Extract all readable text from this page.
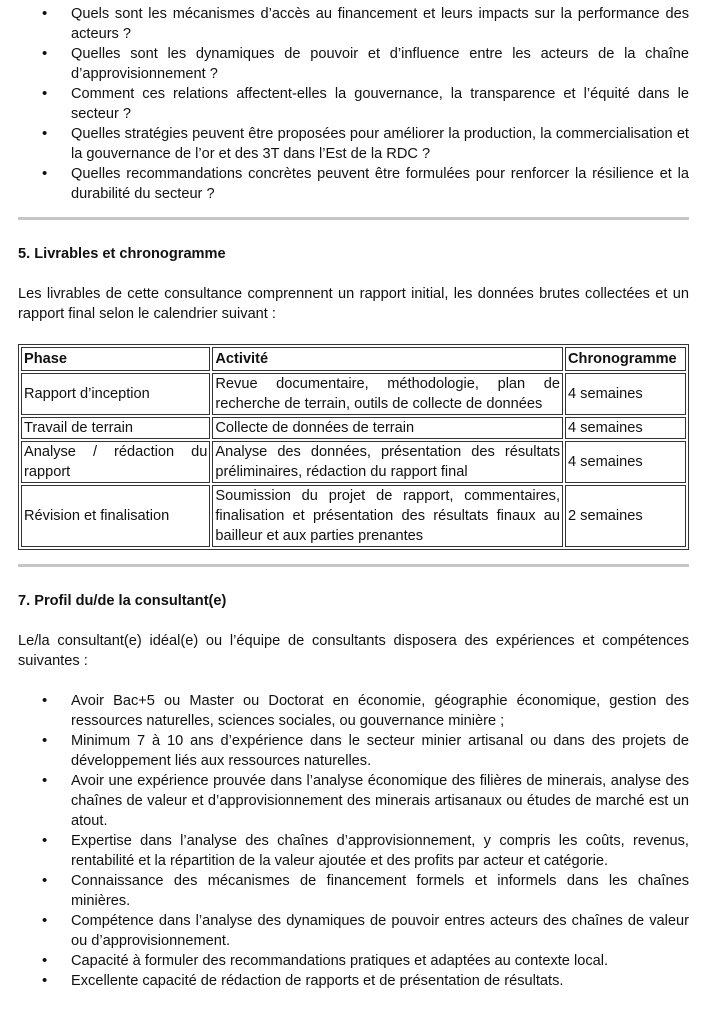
• Quels sont les mécanismes d’accès au financement et leurs impacts sur la performance des acteurs ?
• Quelles sont les dynamiques de pouvoir et d’influence entre les acteurs de la chaîne d’approvisionnement ?
• Comment ces relations affectent-elles la gouvernance, la transparence et l’équité dans le secteur ?
• Quelles stratégies peuvent être proposées pour améliorer la production, la commercialisation et la gouvernance de l’or et des 3T dans l’Est de la RDC ?
• Quelles recommandations concrètes peuvent être formulées pour renforcer la résilience et la durabilité du secteur ?
5. Livrables et chronogramme

Les livrables de cette consultance comprennent un rapport initial, les données brutes collectées et un rapport final selon le calendrier suivant :

Phase	Activité	Chronogramme
Rapport d’inception	Revue documentaire, méthodologie, plan de recherche de terrain, outils de collecte de données	4 semaines
Travail de terrain	Collecte de données de terrain	4 semaines
Analyse / rédaction du rapport	Analyse des données, présentation des résultats préliminaires, rédaction du rapport final	4 semaines
Révision et finalisation	Soumission du projet de rapport, commentaires, finalisation et présentation des résultats finaux au bailleur et aux parties prenantes	2 semaines
7. Profil du/de la consultant(e)

Le/la consultant(e) idéal(e) ou l’équipe de consultants disposera des expériences et compétences suivantes :

• Avoir Bac+5 ou Master ou Doctorat en économie, géographie économique, gestion des ressources naturelles, sciences sociales, ou gouvernance minière ;
• Minimum 7 à 10 ans d’expérience dans le secteur minier artisanal ou dans des projets de développement liés aux ressources naturelles.
• Avoir une expérience prouvée dans l’analyse économique des filières de minerais, analyse des chaînes de valeur et d’approvisionnement des minerais artisanaux ou études de marché est un atout.
• Expertise dans l’analyse des chaînes d’approvisionnement, y compris les coûts, revenus, rentabilité et la répartition de la valeur ajoutée et des profits par acteur et catégorie.
• Connaissance des mécanismes de financement formels et informels dans les chaînes minières.
• Compétence dans l’analyse des dynamiques de pouvoir entres acteurs des chaînes de valeur ou d’approvisionnement.
• Capacité à formuler des recommandations pratiques et adaptées au contexte local.
• Excellente capacité de rédaction de rapports et de présentation de résultats.
